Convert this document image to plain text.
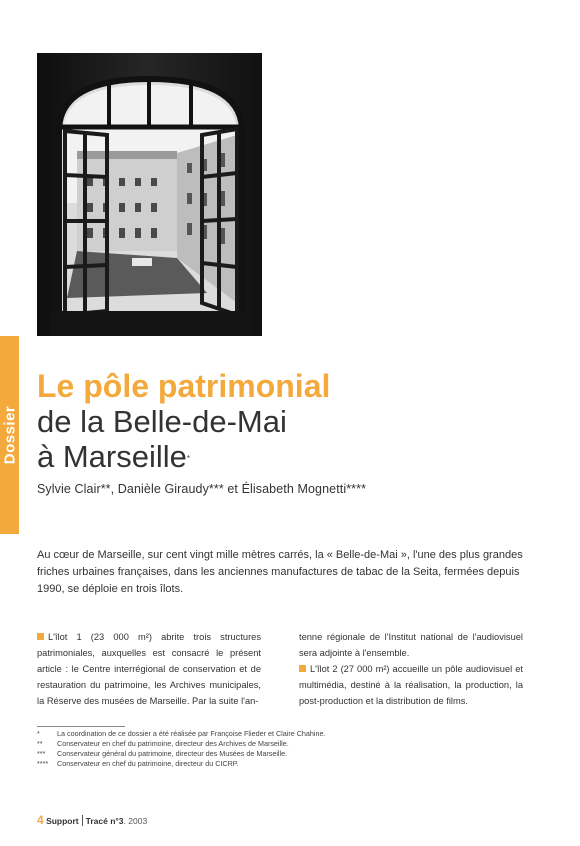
Dossier
Le pôle patrimonial
de la Belle-de-Mai
à Marseille*
Sylvie Clair**, Danièle Giraudy*** et Élisabeth Mognetti****
Au cœur de Marseille, sur cent vingt mille mètres carrés, la « Belle-de-Mai », l'une des plus grandes friches urbaines françaises, dans les anciennes manufactures de tabac de la Seita, fermées depuis 1990, se déploie en trois îlots.
L'îlot 1 (23 000 m²) abrite trois structures patrimoniales, auxquelles est consacré le présent article : le Centre interrégional de conservation et de restauration du patrimoine, les Archives municipales, la Réserve des musées de Marseille. Par la suite l'an-
tenne régionale de l'Institut national de l'audiovisuel sera adjointe à l'ensemble.
L'îlot 2 (27 000 m²) accueille un pôle audiovisuel et multimédia, destiné à la réalisation, la production, la post-production et la distribution de films.
*	La coordination de ce dossier a été réalisée par Françoise Flieder et Claire Chahine.
**	Conservateur en chef du patrimoine, directeur des Archives de Marseille.
***	Conservateur général du patrimoine, directeur des Musées de Marseille.
****	Conservateur en chef du patrimoine, directeur du CICRP.
4 Support Tracé n°3. 2003
